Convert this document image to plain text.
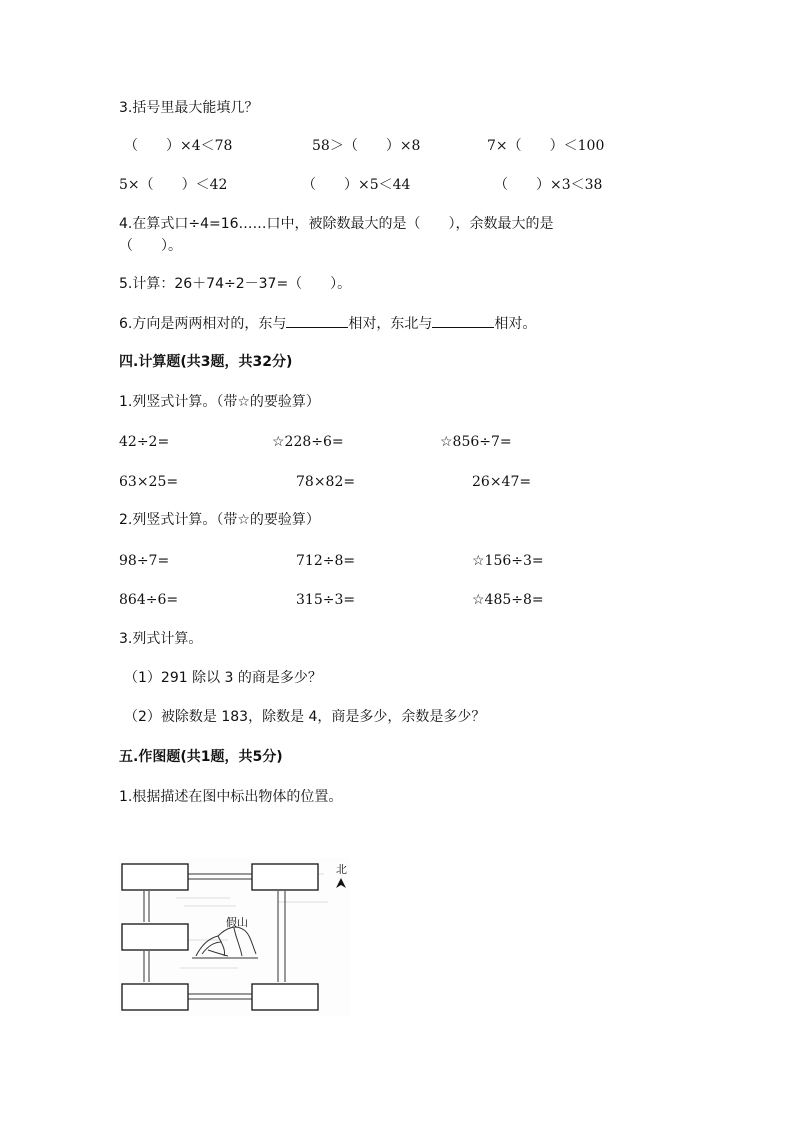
3.括号里最大能填几？
（　　）×4＜78	58＞（　　）×8	7×（　　）＜100
5×（　　）＜42	（　　）×5＜44	（　　）×3＜38
4.在算式口÷4=16……口中，被除数最大的是（　　），余数最大的是
（　　）。
5.计算：26＋74÷2－37=（　　）。
6.方向是两两相对的，东与	相对，东北与	相对。
四.计算题(共3题，共32分)
1.列竖式计算。（带☆的要验算）
42÷2=	☆228÷6=	☆856÷7=
63×25=	78×82=	26×47=
2.列竖式计算。（带☆的要验算）
98÷7=	712÷8=	☆156÷3=
864÷6=	315÷3=	☆485÷8=
3.列式计算。
（1）291 除以 3 的商是多少？
（2）被除数是 183，除数是 4，商是多少，余数是多少？
五.作图题(共1题，共5分)
1.根据描述在图中标出物体的位置。
假山
北
